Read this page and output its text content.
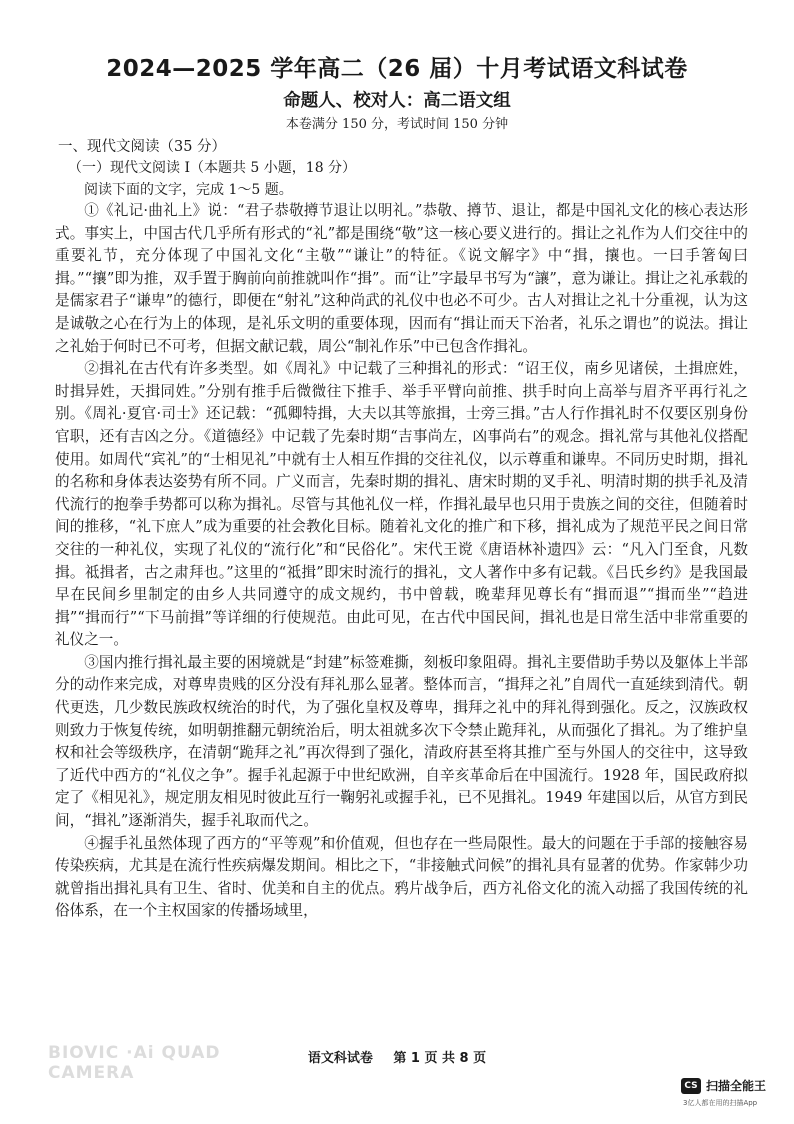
2024—2025 学年高二（26 届）十月考试语文科试卷
命题人、校对人：高二语文组
本卷满分 150 分，考试时间 150 分钟
一、现代文阅读（35 分）
（一）现代文阅读 I（本题共 5 小题，18 分）
阅读下面的文字，完成 1～5 题。

①《礼记·曲礼上》说：“君子恭敬撙节退让以明礼。”恭敬、撙节、退让，都是中国礼文化的核心表达形式。事实上，中国古代几乎所有形式的“礼”都是围绕“敬”这一核心要义进行的。揖让之礼作为人们交往中的重要礼节，充分体现了中国礼文化“主敬”“谦让”的特征。《说文解字》中“揖，攘也。一曰手箸匈曰揖。”“攘”即为推，双手置于胸前向前推就叫作“揖”。而“让”字最早书写为“讓”，意为谦让。揖让之礼承载的是儒家君子“谦卑”的德行，即便在“射礼”这种尚武的礼仪中也必不可少。古人对揖让之礼十分重视，认为这是诚敬之心在行为上的体现，是礼乐文明的重要体现，因而有“揖让而天下治者，礼乐之谓也”的说法。揖让之礼始于何时已不可考，但据文献记载，周公“制礼作乐”中已包含作揖礼。

②揖礼在古代有许多类型。如《周礼》中记载了三种揖礼的形式：“诏王仪，南乡见诸侯，土揖庶姓，时揖异姓，天揖同姓。”分别有推手后微微往下推手、举手平臂向前推、拱手时向上高举与眉齐平再行礼之别。《周礼·夏官·司士》还记载：“孤卿特揖，大夫以其等旅揖，士旁三揖。”古人行作揖礼时不仅要区别身份官职，还有吉凶之分。《道德经》中记载了先秦时期“吉事尚左，凶事尚右”的观念。揖礼常与其他礼仪搭配使用。如周代“宾礼”的“士相见礼”中就有士人相互作揖的交往礼仪，以示尊重和谦卑。不同历史时期，揖礼的名称和身体表达姿势有所不同。广义而言，先秦时期的揖礼、唐宋时期的叉手礼、明清时期的拱手礼及清代流行的抱拳手势都可以称为揖礼。尽管与其他礼仪一样，作揖礼最早也只用于贵族之间的交往，但随着时间的推移，“礼下庶人”成为重要的社会教化目标。随着礼文化的推广和下移，揖礼成为了规范平民之间日常交往的一种礼仪，实现了礼仪的“流行化”和“民俗化”。宋代王谠《唐语林补遗四》云：“凡入门至食，凡数揖。祗揖者，古之肃拜也。”这里的“祗揖”即宋时流行的揖礼，文人著作中多有记载。《吕氏乡约》是我国最早在民间乡里制定的由乡人共同遵守的成文规约，书中曾载，晚辈拜见尊长有“揖而退”“揖而坐”“趋进揖”“揖而行”“下马前揖”等详细的行使规范。由此可见，在古代中国民间，揖礼也是日常生活中非常重要的礼仪之一。

③国内推行揖礼最主要的困境就是“封建”标签难撕，刻板印象阻碍。揖礼主要借助手势以及躯体上半部分的动作来完成，对尊卑贵贱的区分没有拜礼那么显著。整体而言，“揖拜之礼”自周代一直延续到清代。朝代更迭，几少数民族政权统治的时代，为了强化皇权及尊卑，揖拜之礼中的拜礼得到强化。反之，汉族政权则致力于恢复传统，如明朝推翻元朝统治后，明太祖就多次下令禁止跪拜礼，从而强化了揖礼。为了维护皇权和社会等级秩序，在清朝“跪拜之礼”再次得到了强化，清政府甚至将其推广至与外国人的交往中，这导致了近代中西方的“礼仪之争”。握手礼起源于中世纪欧洲，自辛亥革命后在中国流行。1928 年，国民政府拟定了《相见礼》，规定朋友相见时彼此互行一鞠躬礼或握手礼，已不见揖礼。1949 年建国以后，从官方到民间，“揖礼”逐渐消失，握手礼取而代之。

④握手礼虽然体现了西方的“平等观”和价值观，但也存在一些局限性。最大的问题在于手部的接触容易传染疾病，尤其是在流行性疾病爆发期间。相比之下，“非接触式问候”的揖礼具有显著的优势。作家韩少功就曾指出揖礼具有卫生、省时、优美和自主的优点。鸦片战争后，西方礼俗文化的流入动摇了我国传统的礼俗体系，在一个主权国家的传播场域里，

BIOVIC ·Ai QUAD CAMERA
语文科试卷 第 1 页 共 8 页
CS 扫描全能王
3亿人都在用的扫描App
